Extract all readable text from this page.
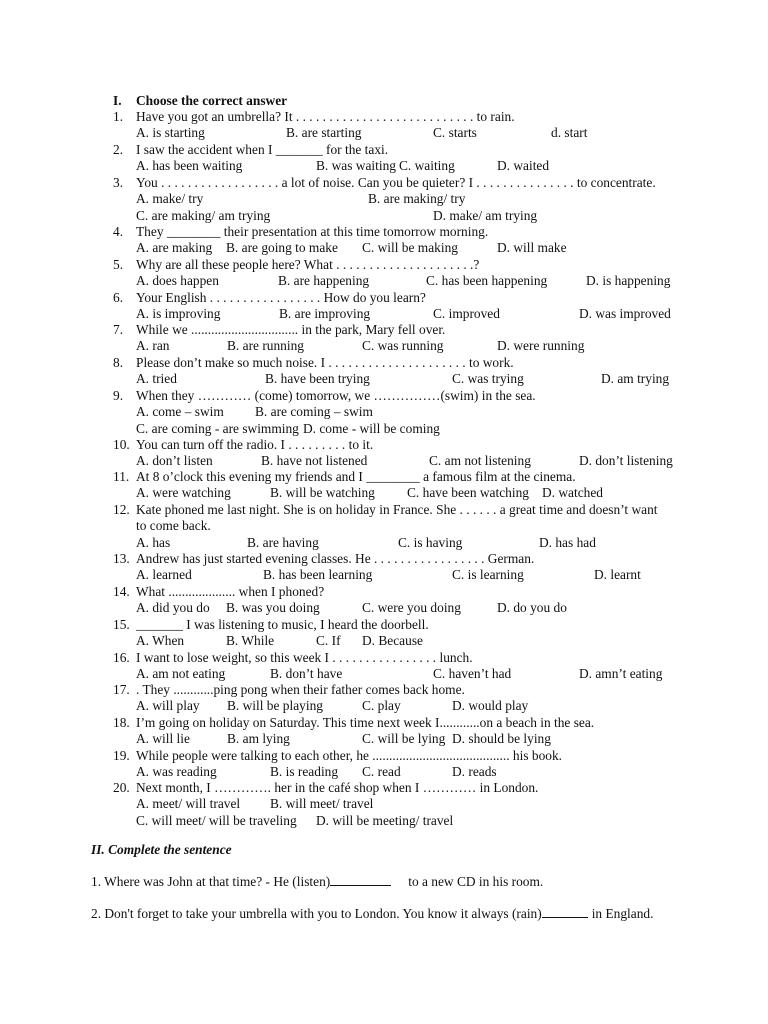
I. Choose the correct answer
1. Have you got an umbrella? It . . . . . . . . . . . . . . . . . . . . . . . . . . . to rain.
A. is starting	B. are starting	C. starts	d. start
2. I saw the accident when I _______ for the taxi.
A. has been waiting	B. was waiting C. waiting	D. waited
3. You . . . . . . . . . . . . . . . . . . a lot of noise. Can you be quieter? I . . . . . . . . . . . . . . . to concentrate.
A. make/ try	B. are making/ try
C. are making/ am trying	D. make/ am trying
4. They ________ their presentation at this time tomorrow morning.
A. are making B. are going to make C. will be making	D. will make
5. Why are all these people here? What . . . . . . . . . . . . . . . . . . . . .?
A. does happen	B. are happening	C. has been happening	D. is happening
6. Your English . . . . . . . . . . . . . . . . . How do you learn?
A. is improving	B. are improving	C. improved	D. was improved
7. While we ................................ in the park, Mary fell over.
A. ran	B. are running	C. was running	D. were running
8. Please don’t make so much noise. I . . . . . . . . . . . . . . . . . . . . . to work.
A. tried	B. have been trying	C. was trying	D. am trying
9. When they ………… (come) tomorrow, we ……………(swim) in the sea.
A. come – swim B. are coming – swim
C. are coming - are swimming D. come - will be coming
10. You can turn off the radio. I . . . . . . . . . to it.
A. don’t listen	B. have not listened	C. am not listening	D. don’t listening
11. At 8 o’clock this evening my friends and I ________ a famous film at the cinema.
A. were watching	B. will be watching C. have been watching D. watched
12. Kate phoned me last night. She is on holiday in France. She . . . . . . a great time and doesn’t want
to come back.
A. has	B. are having	C. is having	D. has had
13. Andrew has just started evening classes. He . . . . . . . . . . . . . . . . . German.
A. learned	B. has been learning	C. is learning	D. learnt
14. What .................... when I phoned?
A. did you do B. was you doing	C. were you doing	D. do you do
15. _______ I was listening to music, I heard the doorbell.
A. When	B. While	C. If D. Because
16. I want to lose weight, so this week I . . . . . . . . . . . . . . . . lunch.
A. am not eating	B. don’t have	C. haven’t had	D. amn’t eating
17. . They ............ping pong when their father comes back home.
A. will play B. will be playing	C. play	D. would play
18. I’m going on holiday on Saturday. This time next week I............on a beach in the sea.
A. will lie	B. am lying	C. will be lying D. should be lying
19. While people were talking to each other, he ......................................... his book.
A. was reading	B. is reading C. read	D. reads
20. Next month, I …………. her in the café shop when I ………… in London.
A. meet/ will travel B. will meet/ travel
C. will meet/ will be traveling D. will be meeting/ travel
II. Complete the sentence
1. Where was John at that time? - He (listen)	to a new CD in his room.
2. Don't forget to take your umbrella with you to London. You know it always (rain)	in England.
